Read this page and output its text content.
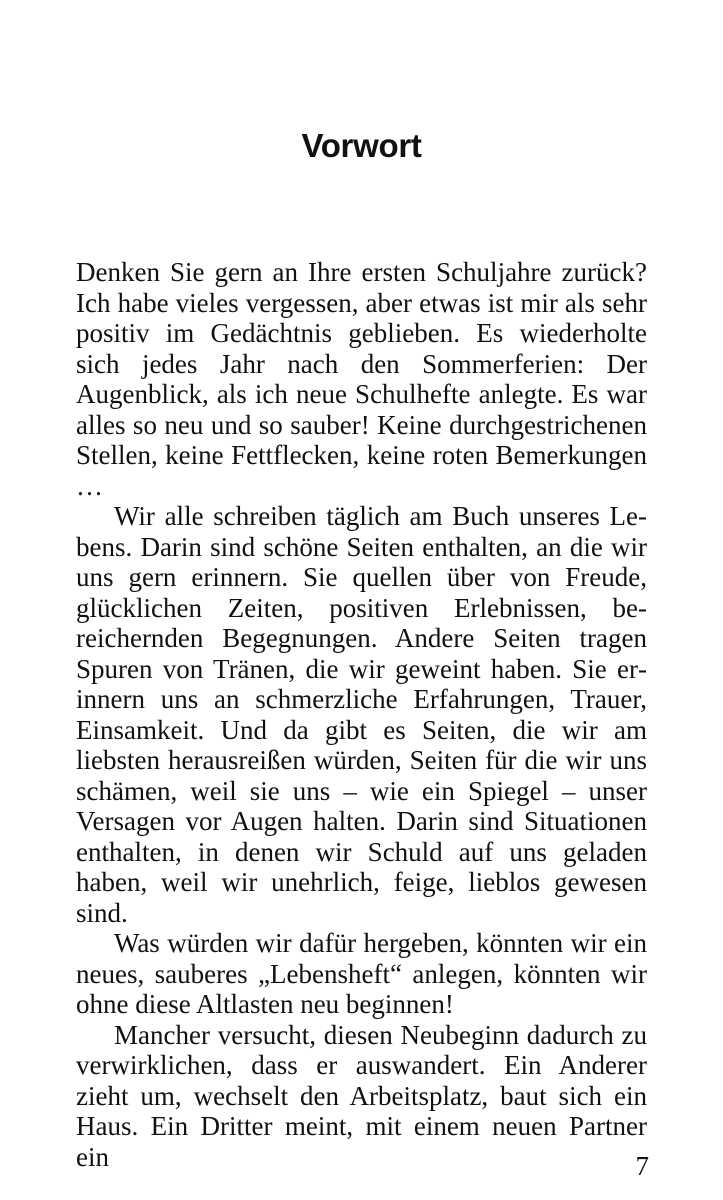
Vorwort

Denken Sie gern an Ihre ersten Schuljahre zurück? Ich habe vieles vergessen, aber etwas ist mir als sehr positiv im Gedächtnis geblieben. Es wiederholte sich jedes Jahr nach den Sommerferien: Der Augenblick, als ich neue Schulhefte anlegte. Es war alles so neu und so sauber! Keine durchgestrichenen Stellen, keine Fettflecken, keine roten Bemerkungen …

Wir alle schreiben täglich am Buch unseres Lebens. Darin sind schöne Seiten enthalten, an die wir uns gern erinnern. Sie quellen über von Freude, glücklichen Zeiten, positiven Erlebnissen, bereichernden Begegnungen. Andere Seiten tragen Spuren von Tränen, die wir geweint haben. Sie erinnern uns an schmerzliche Erfahrungen, Trauer, Einsamkeit. Und da gibt es Seiten, die wir am liebsten herausreißen würden, Seiten für die wir uns schämen, weil sie uns – wie ein Spiegel – unser Versagen vor Augen halten. Darin sind Situationen enthalten, in denen wir Schuld auf uns geladen haben, weil wir unehrlich, feige, lieblos gewesen sind.

Was würden wir dafür hergeben, könnten wir ein neues, sauberes „Lebensheft“ anlegen, könnten wir ohne diese Altlasten neu beginnen!

Mancher versucht, diesen Neubeginn dadurch zu verwirklichen, dass er auswandert. Ein Anderer zieht um, wechselt den Arbeitsplatz, baut sich ein Haus. Ein Dritter meint, mit einem neuen Partner ein	7
